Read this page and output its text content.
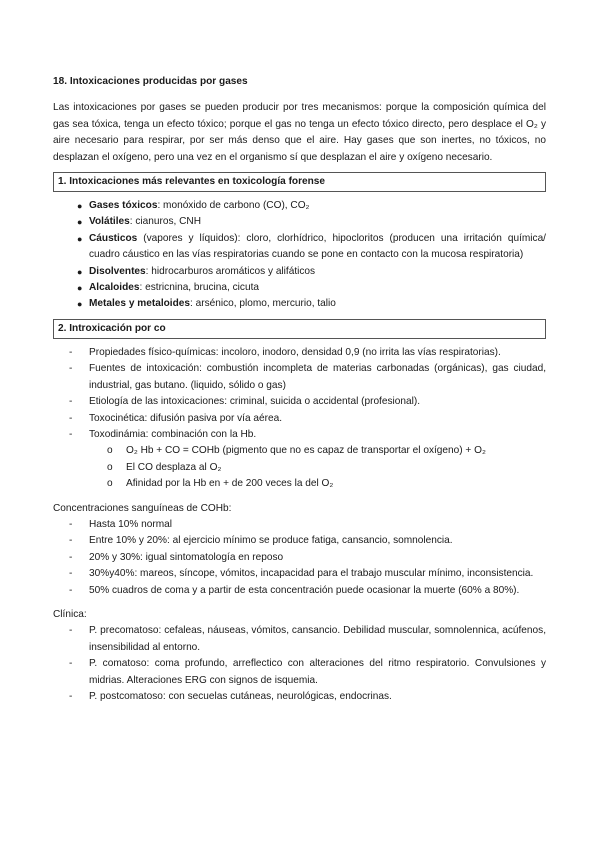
18. Intoxicaciones producidas por gases

Las intoxicaciones por gases se pueden producir por tres mecanismos: porque la composición química del gas sea tóxica, tenga un efecto tóxico; porque el gas no tenga un efecto tóxico directo, pero desplace el O₂ y aire necesario para respirar, por ser más denso que el aire. Hay gases que son inertes, no tóxicos, no desplazan el oxígeno, pero una vez en el organismo sí que desplazan el aire y oxígeno necesario.

1. Intoxicaciones más relevantes en toxicología forense
● Gases tóxicos: monóxido de carbono (CO), CO₂
● Volátiles: cianuros, CNH
● Cáusticos (vapores y líquidos): cloro, clorhídrico, hipocloritos (producen una irritación química/ cuadro cáustico en las vías respiratorias cuando se pone en contacto con la mucosa respiratoria)
● Disolventes: hidrocarburos aromáticos y alifáticos
● Alcaloides: estricnina, brucina, cicuta
● Metales y metaloides: arsénico, plomo, mercurio, talio
2. Introxicación por co
- Propiedades físico-químicas: incoloro, inodoro, densidad 0,9 (no irrita las vías respiratorias).
- Fuentes de intoxicación: combustión incompleta de materias carbonadas (orgánicas), gas ciudad, industrial, gas butano. (liquido, sólido o gas)
- Etiología de las intoxicaciones: criminal, suicida o accidental (profesional).
- Toxocinética: difusión pasiva por vía aérea.
- Toxodinámia: combinación con la Hb.
o O₂ Hb + CO = COHb (pigmento que no es capaz de transportar el oxígeno) + O₂
o El CO desplaza al O₂
o Afinidad por la Hb en + de 200 veces la del O₂

Concentraciones sanguíneas de COHb:

- Hasta 10% normal
- Entre 10% y 20%: al ejercicio mínimo se produce fatiga, cansancio, somnolencia.
- 20% y 30%: igual sintomatología en reposo
- 30%y40%: mareos, síncope, vómitos, incapacidad para el trabajo muscular mínimo, inconsistencia.
- 50% cuadros de coma y a partir de esta concentración puede ocasionar la muerte (60% a 80%).

Clínica:

- P. precomatoso: cefaleas, náuseas, vómitos, cansancio. Debilidad muscular, somnolennica, acúfenos, insensibilidad al entorno.
- P. comatoso: coma profundo, arreflectico con alteraciones del ritmo respiratorio. Convulsiones y midrias. Alteraciones ERG con signos de isquemia.
- P. postcomatoso: con secuelas cutáneas, neurológicas, endocrinas.
